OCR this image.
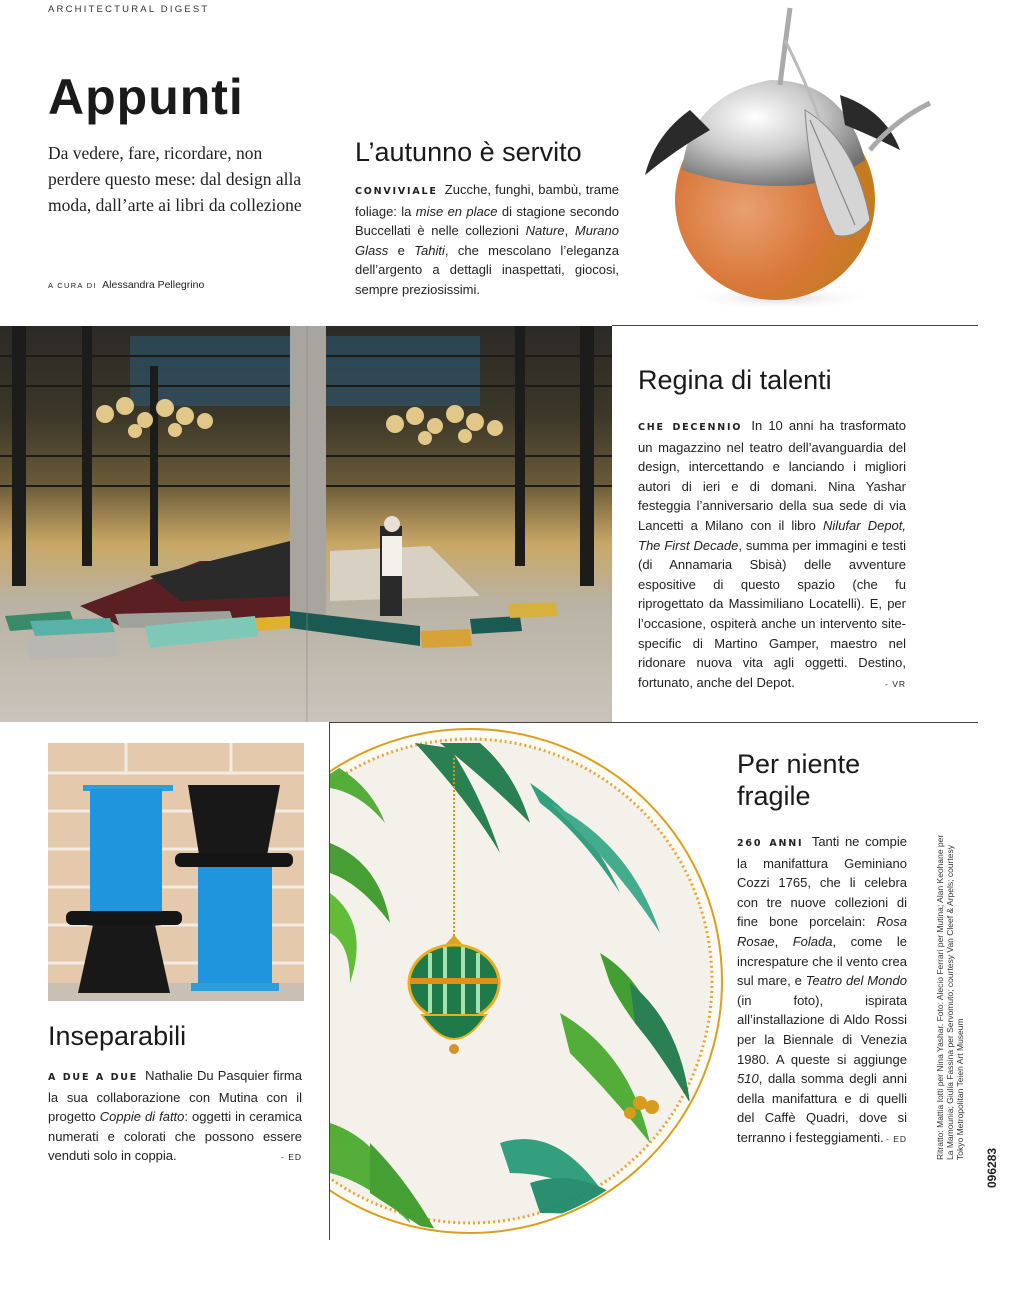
ARCHITECTURAL DIGEST
Appunti
Da vedere, fare, ricordare, non perdere questo mese: dal design alla moda, dall’arte ai libri da collezione
A CURA DI Alessandra Pellegrino
L’autunno è servito
CONVIVIALE Zucche, funghi, bambù, trame foliage: la mise en place di stagione secondo Buccellati è nelle collezioni Nature, Murano Glass e Tahiti, che mescolano l’eleganza dell’argento a dettagli inaspettati, giocosi, sempre preziosissimi.
Regina di talenti
CHE DECENNIO In 10 anni ha trasformato un magazzino nel teatro dell’avanguardia del design, intercettando e lanciando i migliori autori di ieri e di domani. Nina Yashar festeggia l’anniversario della sua sede di via Lancetti a Milano con il libro Nilufar Depot, The First Decade, summa per immagini e testi (di Annamaria Sbisà) delle avventure espositive di questo spazio (che fu riprogettato da Massimiliano Locatelli). E, per l’occasione, ospiterà anche un intervento site-specific di Martino Gamper, maestro nel ridonare nuova vita agli oggetti. Destino, fortunato, anche del Depot.	- VR
Inseparabili
A DUE A DUE Nathalie Du Pasquier firma la sua collaborazione con Mutina con il progetto Coppie di fatto: oggetti in ceramica numerati e colorati che possono essere venduti solo in coppia.	- ED
Per niente fragile
260 ANNI Tanti ne compie la manifattura Geminiano Cozzi 1765, che li celebra con tre nuove collezioni di fine bone porcelain: Rosa Rosae, Folada, come le increspature che il vento crea sul mare, e Teatro del Mondo (in foto), ispirata all’installazione di Aldo Rossi per la Biennale di Venezia 1980. A queste si aggiunge 510, dalla somma degli anni della manifattura e di quelli del Caffè Quadri, dove si terranno i festeggiamenti. - ED	Ritratto: Mattia Iotti per Nina Yashar. Foto: Alecio Ferrari per Mutina; Alan Keohane per La Mamounia; Giulia Fassina per Servomuto; courtesy Van Cleef & Arpels; courtesy Tokyo Metropolitan Teien Art Museum
096283
